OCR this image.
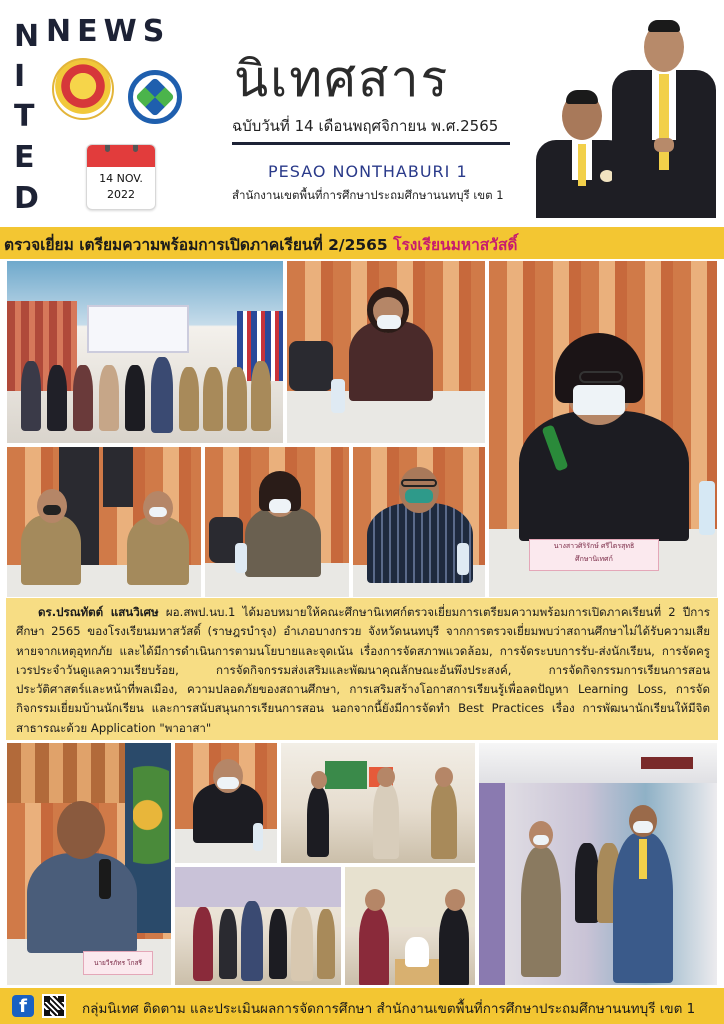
NEWS
N
I
T
E
D
14 NOV.
2022
นิเทศสาร
ฉบับวันที่ 14 เดือนพฤศจิกายน พ.ศ.2565
PESAO NONTHABURI 1
สำนักงานเขตพื้นที่การศึกษาประถมศึกษานนทบุรี เขต 1
ตรวจเยี่ยม เตรียมความพร้อมการเปิดภาคเรียนที่ 2/2565 โรงเรียนมหาสวัสดิ์
นางสาวศิริรักษ์ ศรีไตรสุทธิ
ศึกษานิเทศก์
ดร.ปรณทัตต์ แสนวิเศษ ผอ.สพป.นบ.1 ได้มอบหมายให้คณะศึกษานิเทศก์ตรวจเยี่ยมการเตรียมความพร้อมการเปิดภาคเรียนที่ 2 ปีการศึกษา 2565 ของโรงเรียนมหาสวัสดิ์ (ราษฎรบำรุง) อำเภอบางกรวย จังหวัดนนทบุรี จากการตรวจเยี่ยมพบว่าสถานศึกษาไม่ได้รับความเสียหายจากเหตุอุทกภัย และได้มีการดำเนินการตามนโยบายและจุดเน้น เรื่องการจัดสภาพแวดล้อม, การจัดระบบการรับ-ส่งนักเรียน, การจัดครูเวรประจำวันดูแลความเรียบร้อย, การจัดกิจกรรมส่งเสริมและพัฒนาคุณลักษณะอันพึงประสงค์, การจัดกิจกรรมการเรียนการสอนประวัติศาสตร์และหน้าที่พลเมือง, ความปลอดภัยของสถานศึกษา, การเสริมสร้างโอกาสการเรียนรู้เพื่อลดปัญหา Learning Loss, การจัดกิจกรรมเยี่ยมบ้านนักเรียน และการสนับสนุนการเรียนการสอน นอกจากนี้ยังมีการจัดทำ Best Practices เรื่อง การพัฒนานักเรียนให้มีจิตสาธารณะด้วย Application "พาอาสา"
นายวีรภัทร โกสรี
f	กลุ่มนิเทศ ติดตาม และประเมินผลการจัดการศึกษา สำนักงานเขตพื้นที่การศึกษาประถมศึกษานนทบุรี เขต 1
